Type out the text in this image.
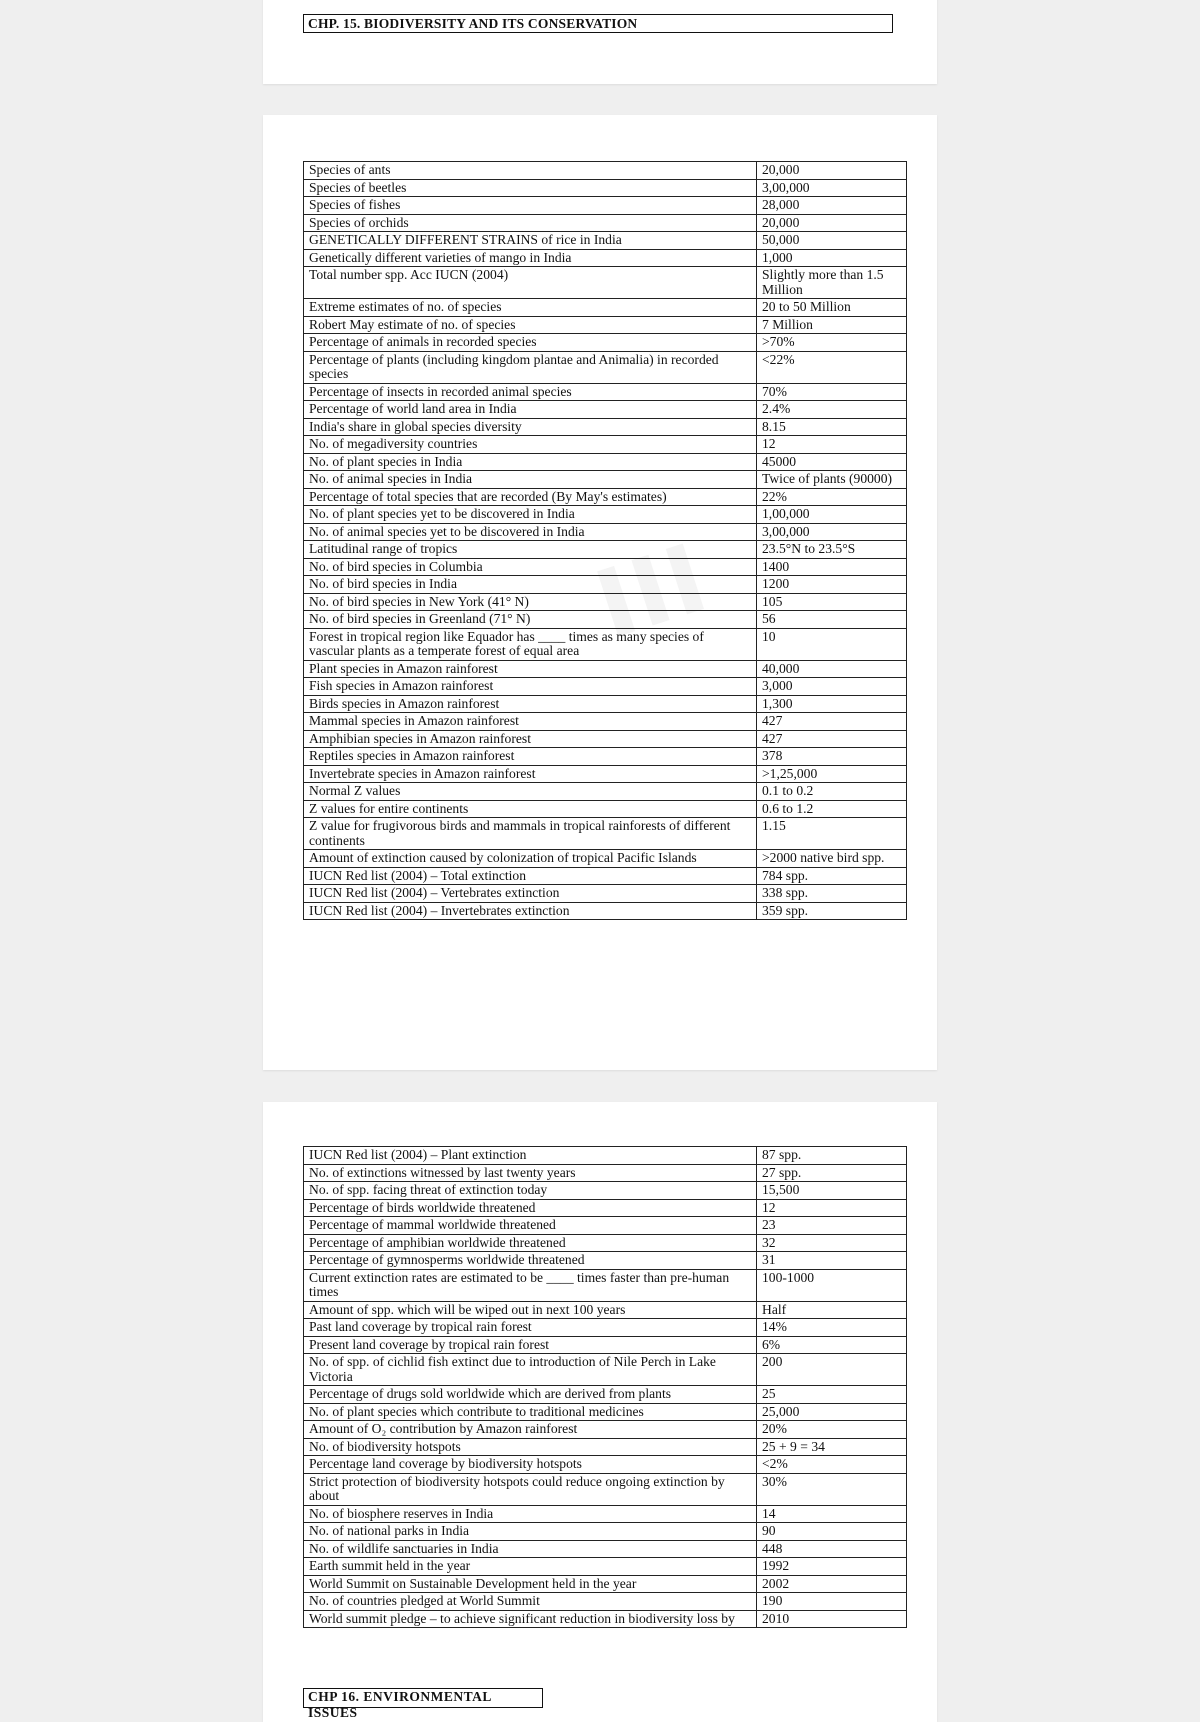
CHP. 15. BIODIVERSITY AND ITS CONSERVATION
Species of ants	20,000
Species of beetles	3,00,000
Species of fishes	28,000
Species of orchids	20,000
GENETICALLY DIFFERENT STRAINS of rice in India	50,000
Genetically different varieties of mango in India	1,000
Total number spp. Acc IUCN (2004)	Slightly more than 1.5 Million
Extreme estimates of no. of species	20 to 50 Million
Robert May estimate of no. of species	7 Million
Percentage of animals in recorded species	>70%
Percentage of plants (including kingdom plantae and Animalia) in recorded species	<22%
Percentage of insects in recorded animal species	70%
Percentage of world land area in India	2.4%
India's share in global species diversity	8.15
No. of megadiversity countries	12
No. of plant species in India	45000
No. of animal species in India	Twice of plants (90000)
Percentage of total species that are recorded (By May's estimates)	22%
No. of plant species yet to be discovered in India	1,00,000
No. of animal species yet to be discovered in India	3,00,000
Latitudinal range of tropics	23.5°N to 23.5°S
No. of bird species in Columbia	1400
No. of bird species in India	1200
No. of bird species in New York (41° N)	105
No. of bird species in Greenland (71° N)	56
Forest in tropical region like Equador has ____ times as many species of vascular plants as a temperate forest of equal area	10
Plant species in Amazon rainforest	40,000
Fish species in Amazon rainforest	3,000
Birds species in Amazon rainforest	1,300
Mammal species in Amazon rainforest	427
Amphibian species in Amazon rainforest	427
Reptiles species in Amazon rainforest	378
Invertebrate species in Amazon rainforest	>1,25,000
Normal Z values	0.1 to 0.2
Z values for entire continents	0.6 to 1.2
Z value for frugivorous birds and mammals in tropical rainforests of different continents	1.15
Amount of extinction caused by colonization of tropical Pacific Islands	>2000 native bird spp.
IUCN Red list (2004) – Total extinction	784 spp.
IUCN Red list (2004) – Vertebrates extinction	338 spp.
IUCN Red list (2004) – Invertebrates extinction	359 spp.
IUCN Red list (2004) – Plant extinction	87 spp.
No. of extinctions witnessed by last twenty years	27 spp.
No. of spp. facing threat of extinction today	15,500
Percentage of birds worldwide threatened	12
Percentage of mammal worldwide threatened	23
Percentage of amphibian worldwide threatened	32
Percentage of gymnosperms worldwide threatened	31
Current extinction rates are estimated to be ____ times faster than pre-human times	100-1000
Amount of spp. which will be wiped out in next 100 years	Half
Past land coverage by tropical rain forest	14%
Present land coverage by tropical rain forest	6%
No. of spp. of cichlid fish extinct due to introduction of Nile Perch in Lake Victoria	200
Percentage of drugs sold worldwide which are derived from plants	25
No. of plant species which contribute to traditional medicines	25,000
Amount of O₂ contribution by Amazon rainforest	20%
No. of biodiversity hotspots	25 + 9 = 34
Percentage land coverage by biodiversity hotspots	<2%
Strict protection of biodiversity hotspots could reduce ongoing extinction by about	30%
No. of biosphere reserves in India	14
No. of national parks in India	90
No. of wildlife sanctuaries in India	448
Earth summit held in the year	1992
World Summit on Sustainable Development held in the year	2002
No. of countries pledged at World Summit	190
World summit pledge – to achieve significant reduction in biodiversity loss by	2010
CHP 16. ENVIRONMENTAL ISSUES
